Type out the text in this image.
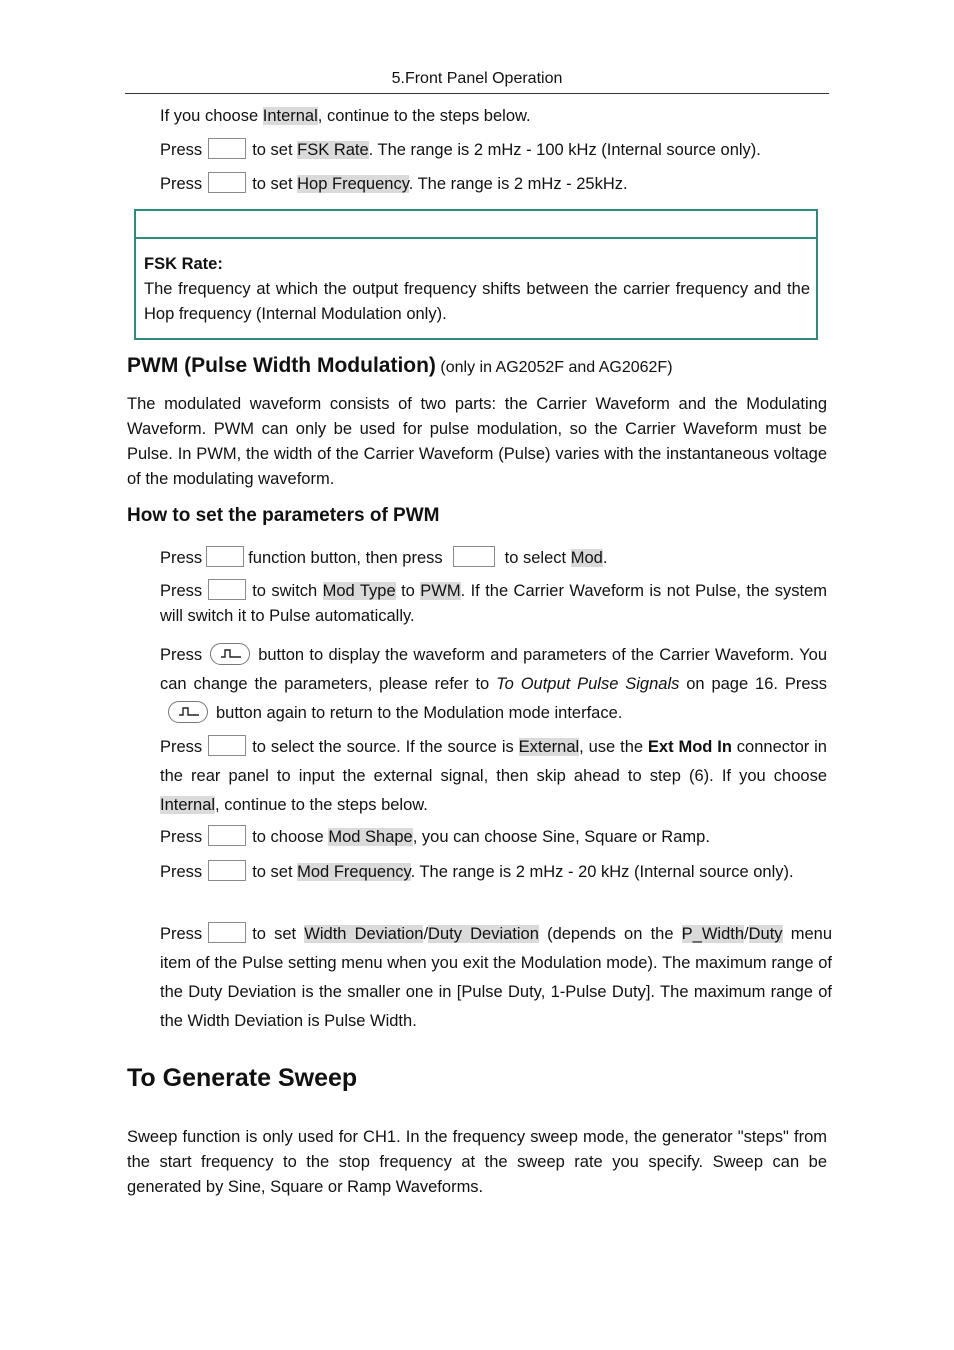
5.Front Panel Operation
If you choose Internal, continue to the steps below.
Press	to set FSK Rate. The range is 2 mHz - 100 kHz (Internal source only).
Press	to set Hop Frequency. The range is 2 mHz - 25kHz.
FSK Rate:
The frequency at which the output frequency shifts between the carrier frequency and the Hop frequency (Internal Modulation only).
PWM (Pulse Width Modulation) (only in AG2052F and AG2062F)
The modulated waveform consists of two parts: the Carrier Waveform and the Modulating Waveform. PWM can only be used for pulse modulation, so the Carrier Waveform must be Pulse. In PWM, the width of the Carrier Waveform (Pulse) varies with the instantaneous voltage of the modulating waveform.
How to set the parameters of PWM
Press	function button, then press	to select Mod.
Press	to switch Mod Type to PWM. If the Carrier Waveform is not Pulse, the system will switch it to Pulse automatically.
Press	button to display the waveform and parameters of the Carrier Waveform. You can change the parameters, please refer to To Output Pulse Signals on page 16. Press
button again to return to the Modulation mode interface.
Press	to select the source. If the source is External, use the Ext Mod In connector in the rear panel to input the external signal, then skip ahead to step (6). If you choose Internal, continue to the steps below.
Press	to choose Mod Shape, you can choose Sine, Square or Ramp.
Press	to set Mod Frequency. The range is 2 mHz - 20 kHz (Internal source only).
Press	to set Width Deviation/Duty Deviation (depends on the P_Width/Duty menu item of the Pulse setting menu when you exit the Modulation mode). The maximum range of the Duty Deviation is the smaller one in [Pulse Duty, 1-Pulse Duty]. The maximum range of the Width Deviation is Pulse Width.
To Generate Sweep
Sweep function is only used for CH1. In the frequency sweep mode, the generator "steps" from the start frequency to the stop frequency at the sweep rate you specify. Sweep can be generated by Sine, Square or Ramp Waveforms.
